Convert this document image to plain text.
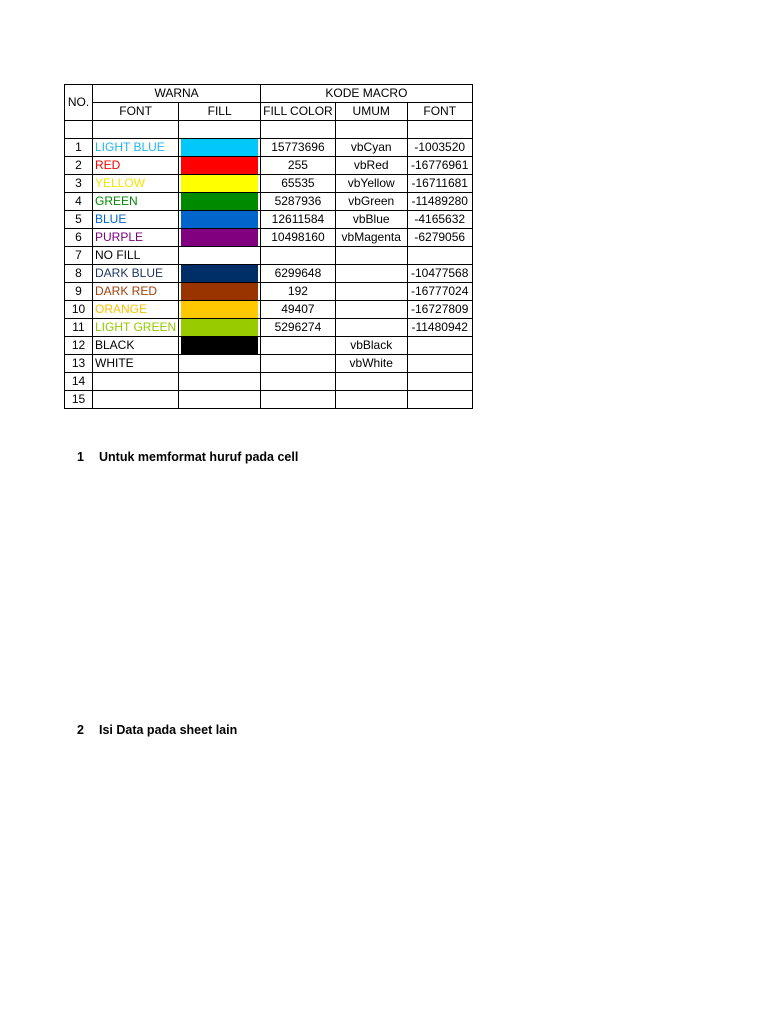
NO.	WARNA		KODE MACRO		
	FONT	FILL	FILL COLOR	UMUM	FONT

1	LIGHT BLUE		15773696	vbCyan	-1003520
2	RED		255	vbRed	-16776961
3	YELLOW		65535	vbYellow	-16711681
4	GREEN		5287936	vbGreen	-11489280
5	BLUE		12611584	vbBlue	-4165632
6	PURPLE		10498160	vbMagenta	-6279056
7	NO FILL				
8	DARK BLUE		6299648		-10477568
9	DARK RED		192		-16777024
10	ORANGE		49407		-16727809
11	LIGHT GREEN		5296274		-11480942
12	BLACK			vbBlack	
13	WHITE			vbWhite	
14					
15					
1 Untuk memformat huruf pada cell
2 Isi Data pada sheet lain
